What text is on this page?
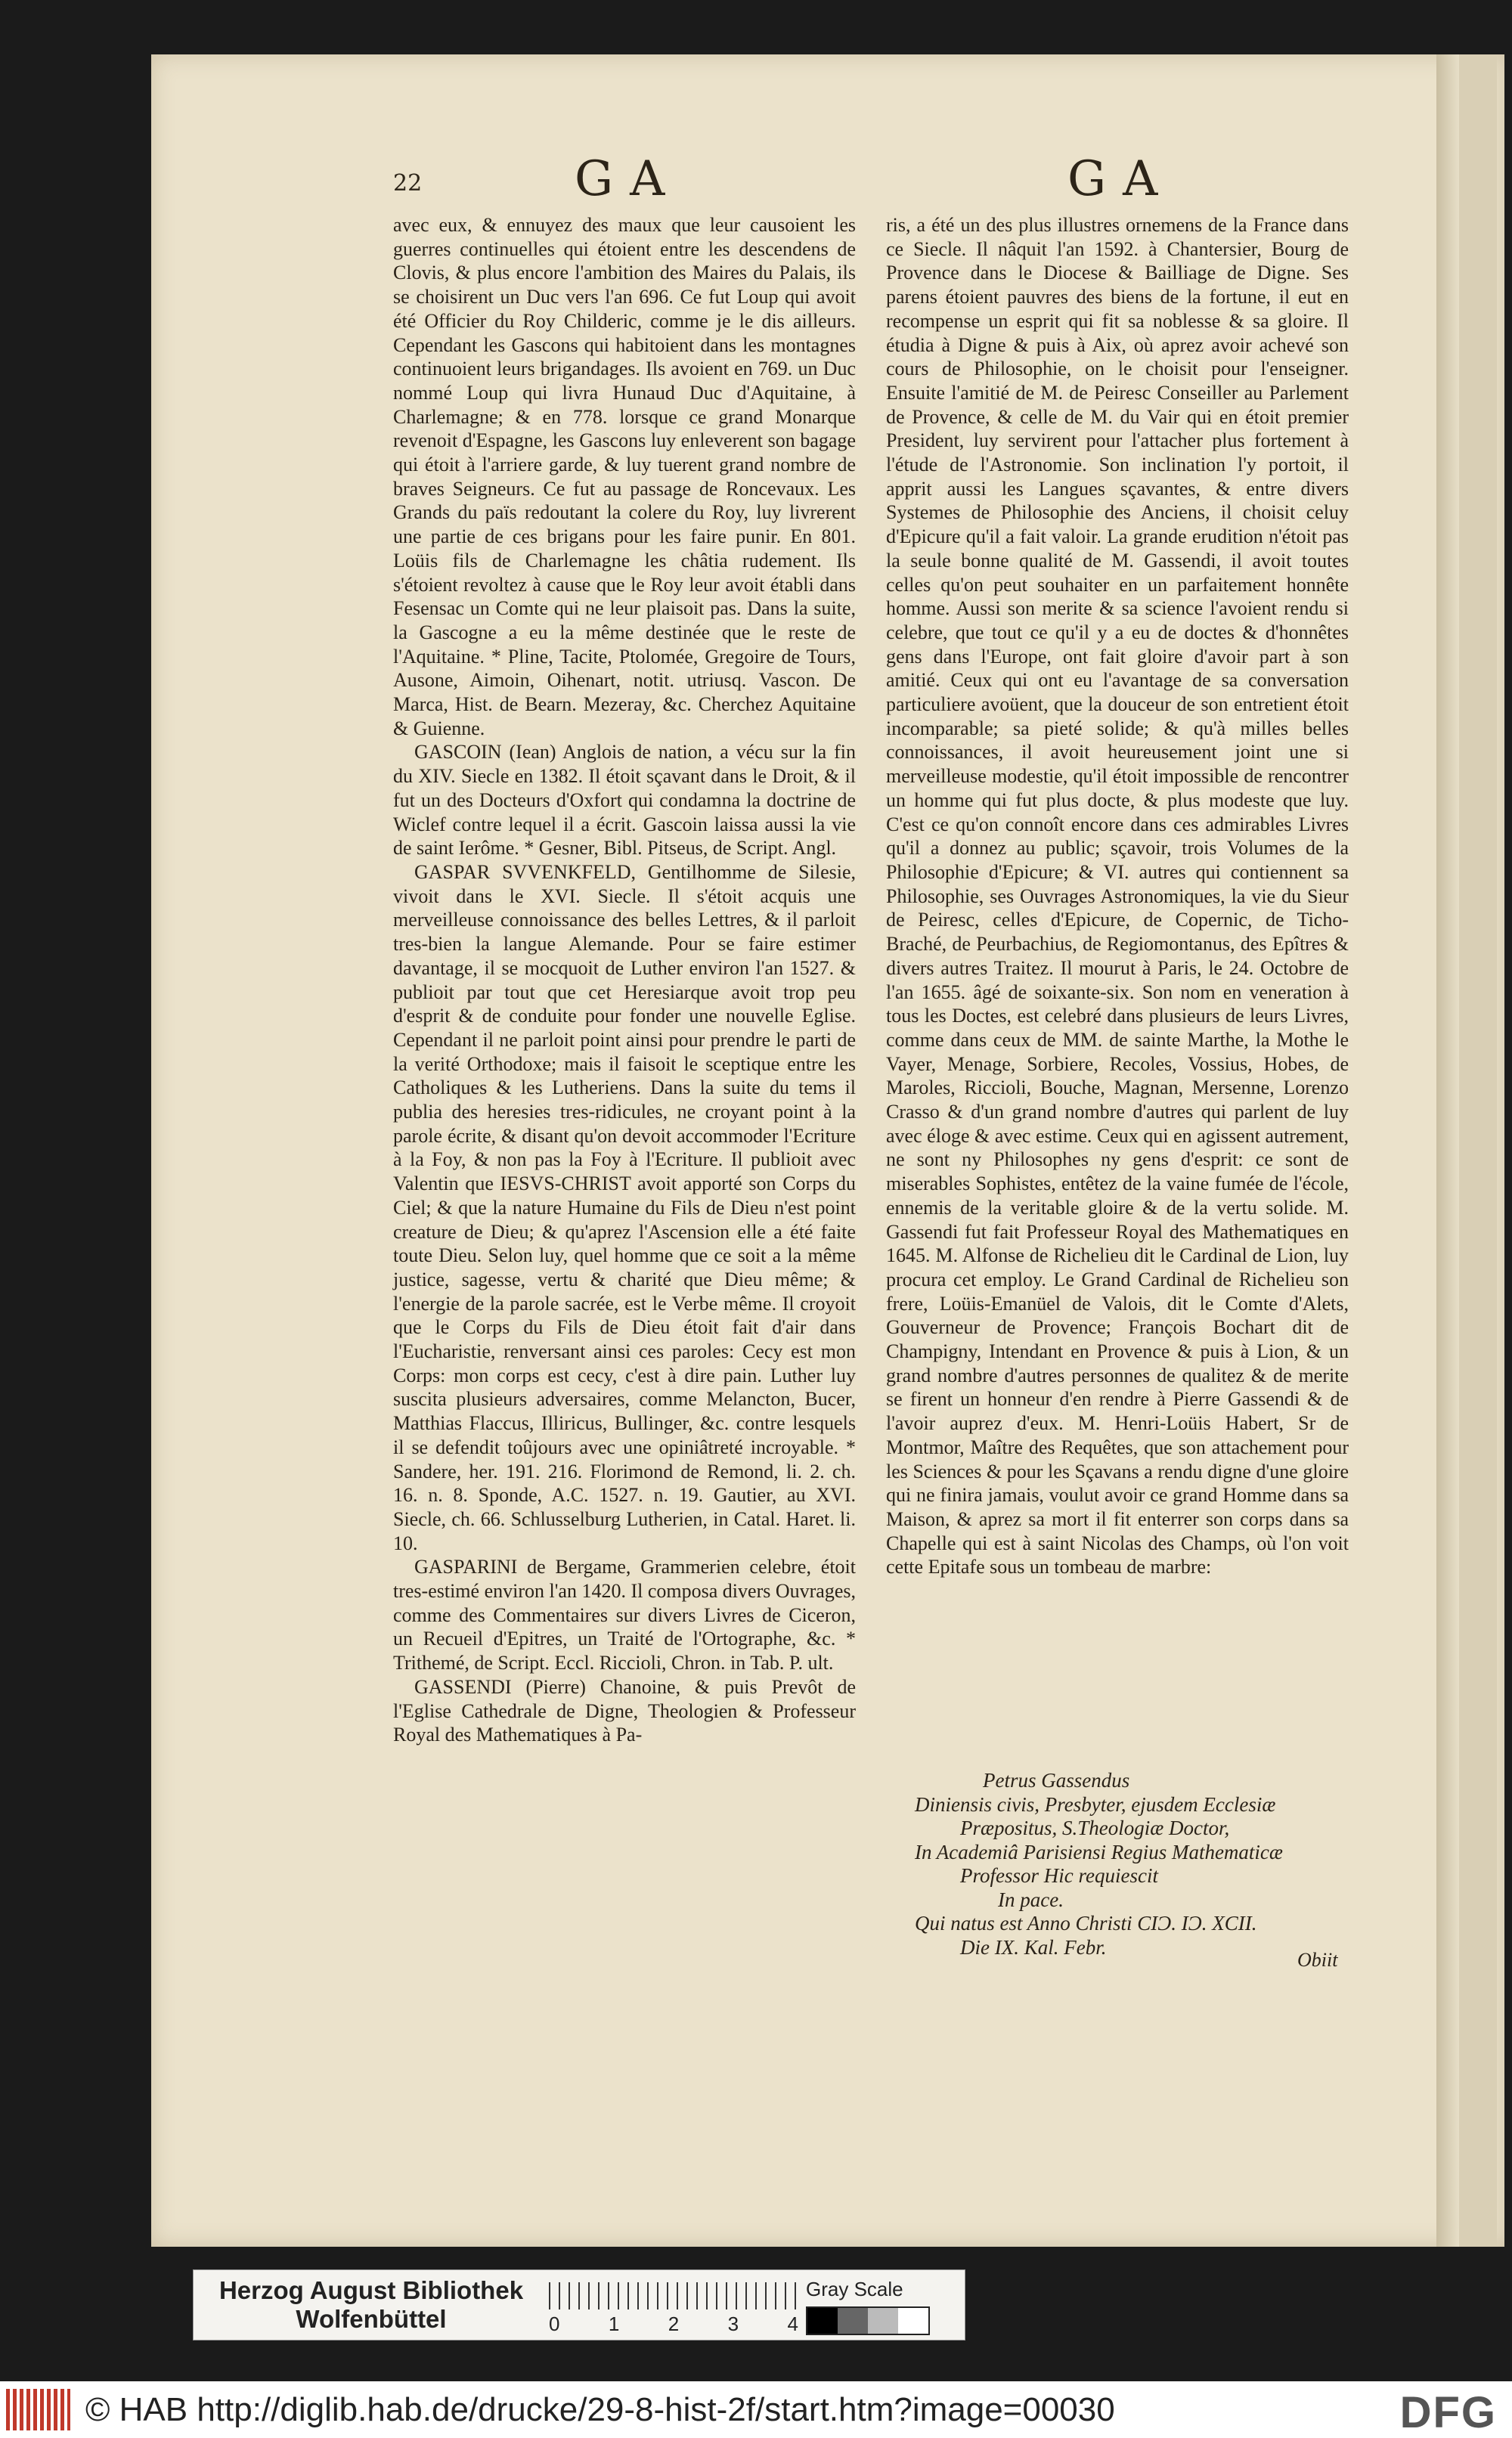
22	GA	GA

avec eux, & ennuyez des maux que leur causoient les guerres continuelles qui étoient entre les descendens de Clovis, & plus encore l'ambition des Maires du Palais, ils se choisirent un Duc vers l'an 696. Ce fut Loup qui avoit été Officier du Roy Childeric, comme je le dis ailleurs. Cependant les Gascons qui habitoient dans les montagnes continuoient leurs brigandages. Ils avoient en 769. un Duc nommé Loup qui livra Hunaud Duc d'Aquitaine, à Charlemagne; & en 778. lorsque ce grand Monarque revenoit d'Espagne, les Gascons luy enleverent son bagage qui étoit à l'arriere garde, & luy tuerent grand nombre de braves Seigneurs. Ce fut au passage de Roncevaux. Les Grands du païs redoutant la colere du Roy, luy livrerent une partie de ces brigans pour les faire punir. En 801. Loüis fils de Charlemagne les châtia rudement. Ils s'étoient revoltez à cause que le Roy leur avoit établi dans Fesensac un Comte qui ne leur plaisoit pas. Dans la suite, la Gascogne a eu la même destinée que le reste de l'Aquitaine. * Pline, Tacite, Ptolomée, Gregoire de Tours, Ausone, Aimoin, Oihenart, notit. utriusq. Vascon. De Marca, Hist. de Bearn. Mezeray, &c. Cherchez Aquitaine & Guienne.

GASCOIN (Iean) Anglois de nation, a vécu sur la fin du XIV. Siecle en 1382. Il étoit sçavant dans le Droit, & il fut un des Docteurs d'Oxfort qui condamna la doctrine de Wiclef contre lequel il a écrit. Gascoin laissa aussi la vie de saint Ierôme. * Gesner, Bibl. Pitseus, de Script. Angl.

GASPAR SVVENKFELD, Gentilhomme de Silesie, vivoit dans le XVI. Siecle. Il s'étoit acquis une merveilleuse connoissance des belles Lettres, & il parloit tres-bien la langue Alemande. Pour se faire estimer davantage, il se mocquoit de Luther environ l'an 1527. & publioit par tout que cet Heresiarque avoit trop peu d'esprit & de conduite pour fonder une nouvelle Eglise. Cependant il ne parloit point ainsi pour prendre le parti de la verité Orthodoxe; mais il faisoit le sceptique entre les Catholiques & les Lutheriens. Dans la suite du tems il publia des heresies tres-ridicules, ne croyant point à la parole écrite, & disant qu'on devoit accommoder l'Ecriture à la Foy, & non pas la Foy à l'Ecriture. Il publioit avec Valentin que IESVS-CHRIST avoit apporté son Corps du Ciel; & que la nature Humaine du Fils de Dieu n'est point creature de Dieu; & qu'aprez l'Ascension elle a été faite toute Dieu. Selon luy, quel homme que ce soit a la même justice, sagesse, vertu & charité que Dieu même; & l'energie de la parole sacrée, est le Verbe même. Il croyoit que le Corps du Fils de Dieu étoit fait d'air dans l'Eucharistie, renversant ainsi ces paroles: Cecy est mon Corps: mon corps est cecy, c'est à dire pain. Luther luy suscita plusieurs adversaires, comme Melancton, Bucer, Matthias Flaccus, Illiricus, Bullinger, &c. contre lesquels il se defendit toûjours avec une opiniâtreté incroyable. * Sandere, her. 191. 216. Florimond de Remond, li. 2. ch. 16. n. 8. Sponde, A.C. 1527. n. 19. Gautier, au XVI. Siecle, ch. 66. Schlusselburg Lutherien, in Catal. Haret. li. 10.

GASPARINI de Bergame, Grammerien celebre, étoit tres-estimé environ l'an 1420. Il composa divers Ouvrages, comme des Commentaires sur divers Livres de Ciceron, un Recueil d'Epitres, un Traité de l'Ortographe, &c. * Trithemé, de Script. Eccl. Riccioli, Chron. in Tab. P. ult.

GASSENDI (Pierre) Chanoine, & puis Prevôt de l'Eglise Cathedrale de Digne, Theologien & Professeur Royal des Mathematiques à Pa-

ris, a été un des plus illustres ornemens de la France dans ce Siecle. Il nâquit l'an 1592. à Chantersier, Bourg de Provence dans le Diocese & Bailliage de Digne. Ses parens étoient pauvres des biens de la fortune, il eut en recompense un esprit qui fit sa noblesse & sa gloire. Il étudia à Digne & puis à Aix, où aprez avoir achevé son cours de Philosophie, on le choisit pour l'enseigner. Ensuite l'amitié de M. de Peiresc Conseiller au Parlement de Provence, & celle de M. du Vair qui en étoit premier President, luy servirent pour l'attacher plus fortement à l'étude de l'Astronomie. Son inclination l'y portoit, il apprit aussi les Langues sçavantes, & entre divers Systemes de Philosophie des Anciens, il choisit celuy d'Epicure qu'il a fait valoir. La grande erudition n'étoit pas la seule bonne qualité de M. Gassendi, il avoit toutes celles qu'on peut souhaiter en un parfaitement honnête homme. Aussi son merite & sa science l'avoient rendu si celebre, que tout ce qu'il y a eu de doctes & d'honnêtes gens dans l'Europe, ont fait gloire d'avoir part à son amitié. Ceux qui ont eu l'avantage de sa conversation particuliere avoüent, que la douceur de son entretient étoit incomparable; sa pieté solide; & qu'à milles belles connoissances, il avoit heureusement joint une si merveilleuse modestie, qu'il étoit impossible de rencontrer un homme qui fut plus docte, & plus modeste que luy. C'est ce qu'on connoît encore dans ces admirables Livres qu'il a donnez au public; sçavoir, trois Volumes de la Philosophie d'Epicure; & VI. autres qui contiennent sa Philosophie, ses Ouvrages Astronomiques, la vie du Sieur de Peiresc, celles d'Epicure, de Copernic, de Ticho-Braché, de Peurbachius, de Regiomontanus, des Epîtres & divers autres Traitez. Il mourut à Paris, le 24. Octobre de l'an 1655. âgé de soixante-six. Son nom en veneration à tous les Doctes, est celebré dans plusieurs de leurs Livres, comme dans ceux de MM. de sainte Marthe, la Mothe le Vayer, Menage, Sorbiere, Recoles, Vossius, Hobes, de Maroles, Riccioli, Bouche, Magnan, Mersenne, Lorenzo Crasso & d'un grand nombre d'autres qui parlent de luy avec éloge & avec estime. Ceux qui en agissent autrement, ne sont ny Philosophes ny gens d'esprit: ce sont de miserables Sophistes, entêtez de la vaine fumée de l'école, ennemis de la veritable gloire & de la vertu solide. M. Gassendi fut fait Professeur Royal des Mathematiques en 1645. M. Alfonse de Richelieu dit le Cardinal de Lion, luy procura cet employ. Le Grand Cardinal de Richelieu son frere, Loüis-Emanüel de Valois, dit le Comte d'Alets, Gouverneur de Provence; François Bochart dit de Champigny, Intendant en Provence & puis à Lion, & un grand nombre d'autres personnes de qualitez & de merite se firent un honneur d'en rendre à Pierre Gassendi & de l'avoir auprez d'eux. M. Henri-Loüis Habert, Sr de Montmor, Maître des Requêtes, que son attachement pour les Sciences & pour les Sçavans a rendu digne d'une gloire qui ne finira jamais, voulut avoir ce grand Homme dans sa Maison, & aprez sa mort il fit enterrer son corps dans sa Chapelle qui est à saint Nicolas des Champs, où l'on voit cette Epitafe sous un tombeau de marbre:

Petrus Gassendus
Diniensis civis, Presbyter, ejusdem Ecclesiæ
Præpositus, S.Theologiæ Doctor,
In Academiâ Parisiensi Regius Mathematicæ
Professor Hic requiescit
In pace.
Qui natus est Anno Christi CIƆ. IƆ. XCII.
Die IX. Kal. Febr.
Obiit
Herzog August Bibliothek
Wolfenbüttel	0 1 2 3 4
Gray Scale
© HAB http://diglib.hab.de/drucke/29-8-hist-2f/start.htm?image=00030	DFG
